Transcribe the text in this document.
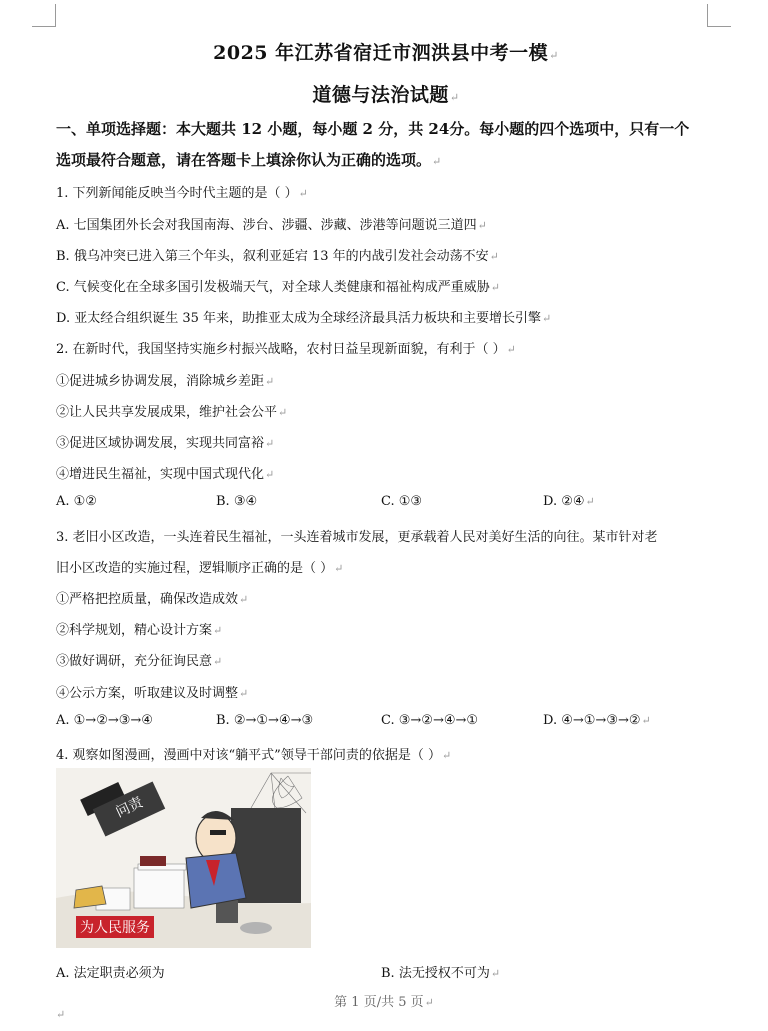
2025 年江苏省宿迁市泗洪县中考一模↵
道德与法治试题↵
一、单项选择题：本大题共 12 小题，每小题 2 分，共 24分。每小题的四个选项中，只有一个
选项最符合题意，请在答题卡上填涂你认为正确的选项。↵
1. 下列新闻能反映当今时代主题的是（ ）↵
A. 七国集团外长会对我国南海、涉台、涉疆、涉藏、涉港等问题说三道四↵
B. 俄乌冲突已进入第三个年头，叙利亚延宕 13 年的内战引发社会动荡不安↵
C. 气候变化在全球多国引发极端天气，对全球人类健康和福祉构成严重威胁↵
D. 亚太经合组织诞生 35 年来，助推亚太成为全球经济最具活力板块和主要增长引擎↵
2. 在新时代，我国坚持实施乡村振兴战略，农村日益呈现新面貌，有利于（ ）↵
①促进城乡协调发展，消除城乡差距↵
②让人民共享发展成果，维护社会公平↵
③促进区域协调发展，实现共同富裕↵
④增进民生福祉，实现中国式现代化↵
A. ①②	B. ③④	C. ①③	D. ②④↵
3. 老旧小区改造，一头连着民生福祉，一头连着城市发展，更承载着人民对美好生活的向往。某市针对老
旧小区改造的实施过程，逻辑顺序正确的是（ ）↵
①严格把控质量，确保改造成效↵
②科学规划，精心设计方案↵
③做好调研，充分征询民意↵
④公示方案，听取建议及时调整↵
A. ①→②→③→④	B. ②→①→④→③	C. ③→②→④→①	D. ④→①→③→②↵
4. 观察如图漫画，漫画中对该“躺平式”领导干部问责的依据是（ ）↵
问责
为人民服务
A. 法定职责必须为	B. 法无授权不可为↵
第 1 页/共 5 页↵
↵
